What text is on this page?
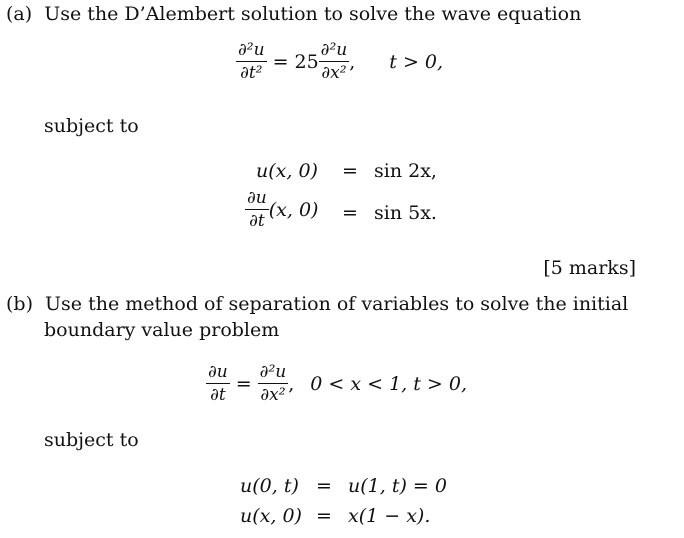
(a) Use the D’Alembert solution to solve the wave equation
$\frac{\text{∂²u}}{\text{∂t²}} = 25 \frac{\text{∂²u}}{\text{∂x²}}$ , t > 0,
subject to
u(x, 0) = sin 2x,
$\frac{\partial u}{\partial t} (x$, 0) = sin 5x.
[5 marks]
(b) Use the method of separation of variables to solve the initial
boundary value problem
$\frac{\partial u}{\partial t} = \frac{\text{∂²u}}{\text{∂x²}}$ , 0 < x < 1, t > 0,
subject to
u(0, t) = u(1, t) = 0
u(x, 0) = x(1 − x).
